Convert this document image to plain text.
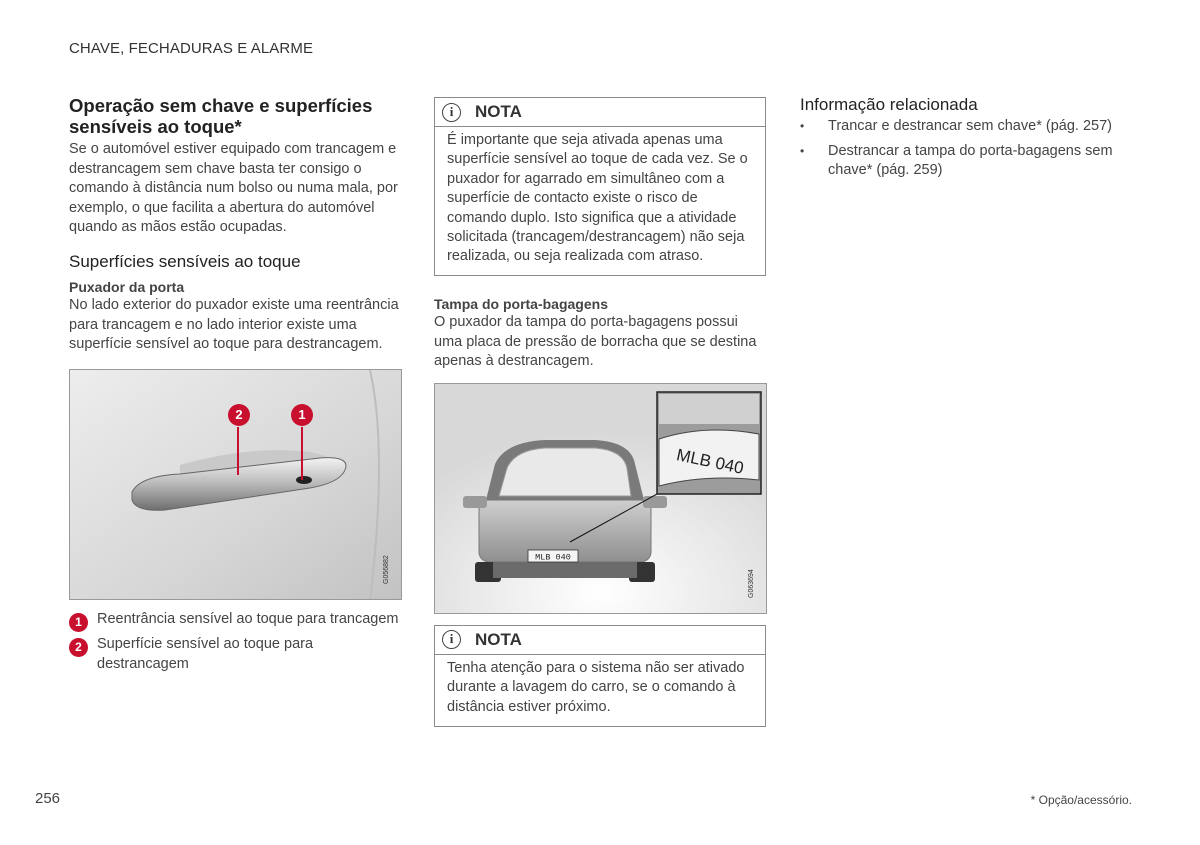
CHAVE, FECHADURAS E ALARME
Operação sem chave e superfícies sensíveis ao toque*

Se o automóvel estiver equipado com trancagem e destrancagem sem chave basta ter consigo o comando à distância num bolso ou numa mala, por exemplo, o que facilita a abertura do automóvel quando as mãos estão ocupadas.

Superfícies sensíveis ao toque
Puxador da porta

No lado exterior do puxador existe uma reentrância para trancagem e no lado interior existe uma superfície sensível ao toque para destrancagem.

2	1
G056882
1	Reentrância sensível ao toque para trancagem
2	Superfície sensível ao toque para destrancagem
i	NOTA
É importante que seja ativada apenas uma superfície sensível ao toque de cada vez. Se o puxador for agarrado em simultâneo com a superfície de contacto existe o risco de comando duplo. Isto significa que a atividade solicitada (trancagem/destrancagem) não seja realizada, ou seja realizada com atraso.
Tampa do porta-bagagens

O puxador da tampa do porta-bagagens possui uma placa de pressão de borracha que se destina apenas à destrancagem.

MLB 040
MLB 040
G063694
i	NOTA
Tenha atenção para o sistema não ser ativado durante a lavagem do carro, se o comando à distância estiver próximo.
Informação relacionada
• Trancar e destrancar sem chave* (pág. 257)
• Destrancar a tampa do porta-bagagens sem chave* (pág. 259)
256	* Opção/acessório.
